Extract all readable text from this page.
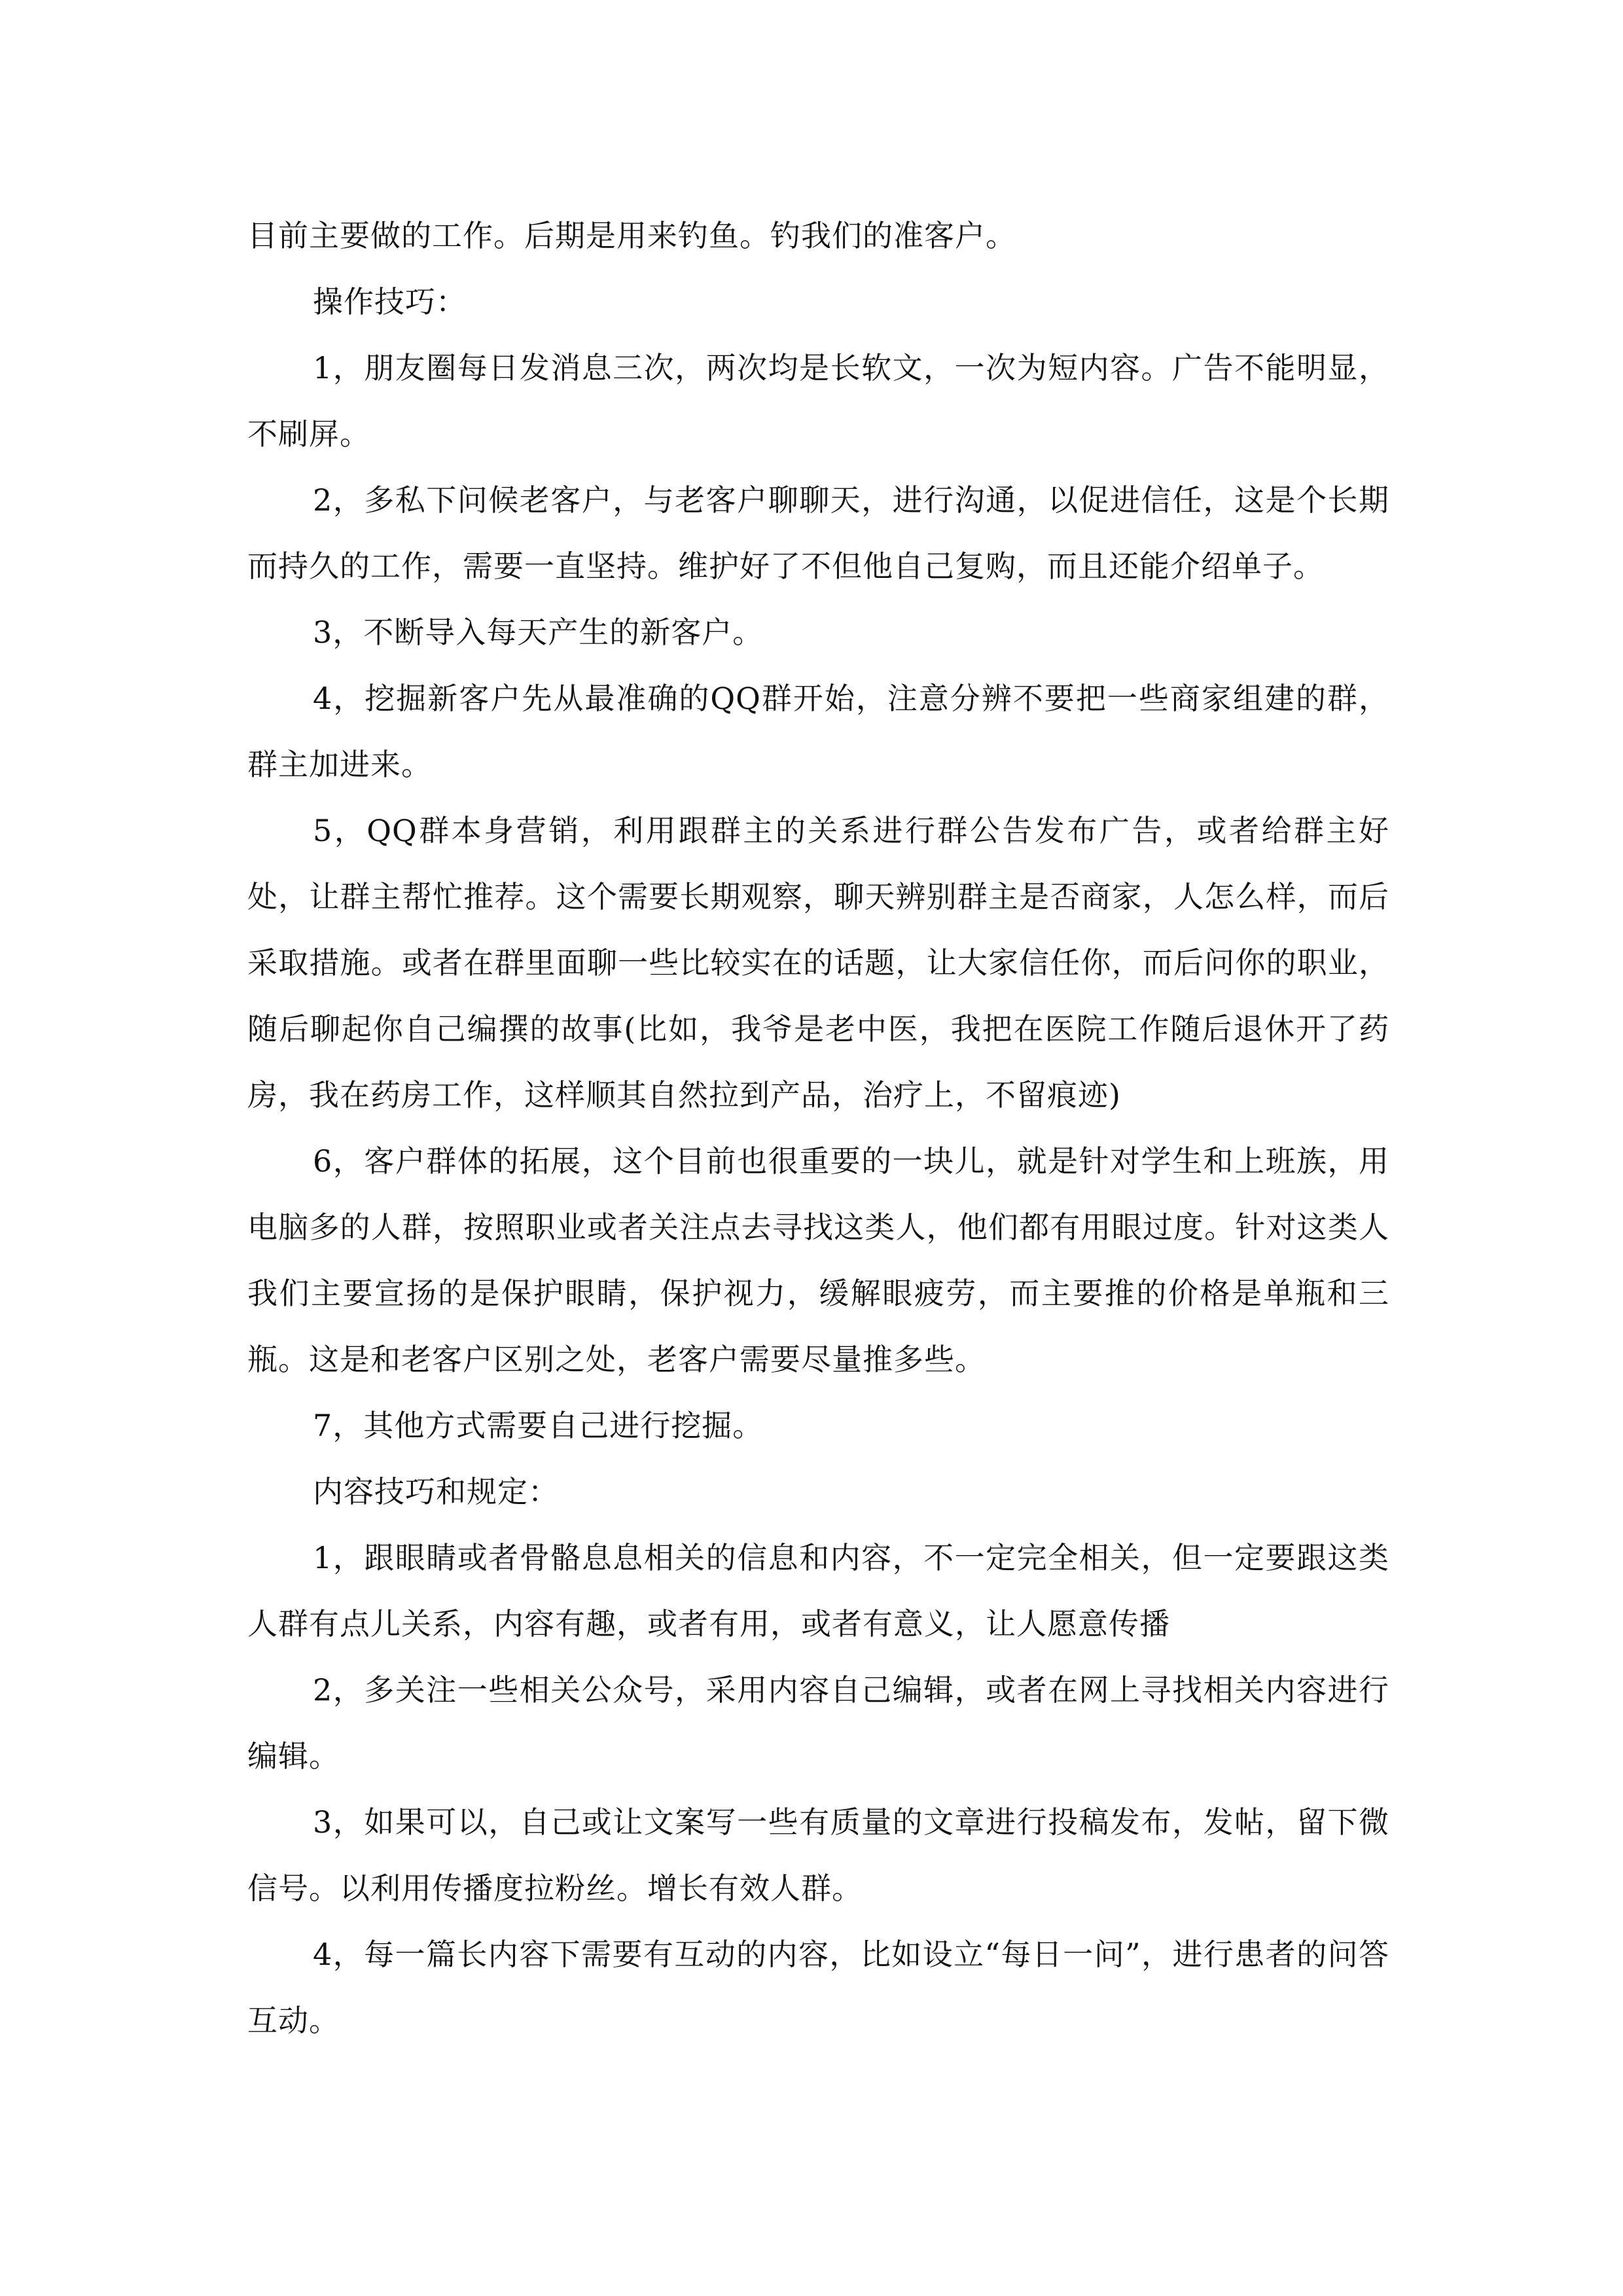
目前主要做的工作。后期是用来钓鱼。钓我们的准客户。

操作技巧：

1，朋友圈每日发消息三次，两次均是长软文，一次为短内容。广告不能明显，不刷屏。

2，多私下问候老客户，与老客户聊聊天，进行沟通，以促进信任，这是个长期而持久的工作，需要一直坚持。维护好了不但他自己复购，而且还能介绍单子。

3，不断导入每天产生的新客户。

4，挖掘新客户先从最准确的QQ群开始，注意分辨不要把一些商家组建的群，群主加进来。

5，QQ群本身营销，利用跟群主的关系进行群公告发布广告，或者给群主好处，让群主帮忙推荐。这个需要长期观察，聊天辨别群主是否商家，人怎么样，而后采取措施。或者在群里面聊一些比较实在的话题，让大家信任你，而后问你的职业，随后聊起你自己编撰的故事(比如，我爷是老中医，我把在医院工作随后退休开了药房，我在药房工作，这样顺其自然拉到产品，治疗上，不留痕迹)

6，客户群体的拓展，这个目前也很重要的一块儿，就是针对学生和上班族，用电脑多的人群，按照职业或者关注点去寻找这类人，他们都有用眼过度。针对这类人我们主要宣扬的是保护眼睛，保护视力，缓解眼疲劳，而主要推的价格是单瓶和三瓶。这是和老客户区别之处，老客户需要尽量推多些。

7，其他方式需要自己进行挖掘。

内容技巧和规定：

1，跟眼睛或者骨骼息息相关的信息和内容，不一定完全相关，但一定要跟这类人群有点儿关系，内容有趣，或者有用，或者有意义，让人愿意传播

2，多关注一些相关公众号，采用内容自己编辑，或者在网上寻找相关内容进行编辑。

3，如果可以，自己或让文案写一些有质量的文章进行投稿发布，发帖，留下微信号。以利用传播度拉粉丝。增长有效人群。

4，每一篇长内容下需要有互动的内容，比如设立“每日一问”，进行患者的问答互动。
